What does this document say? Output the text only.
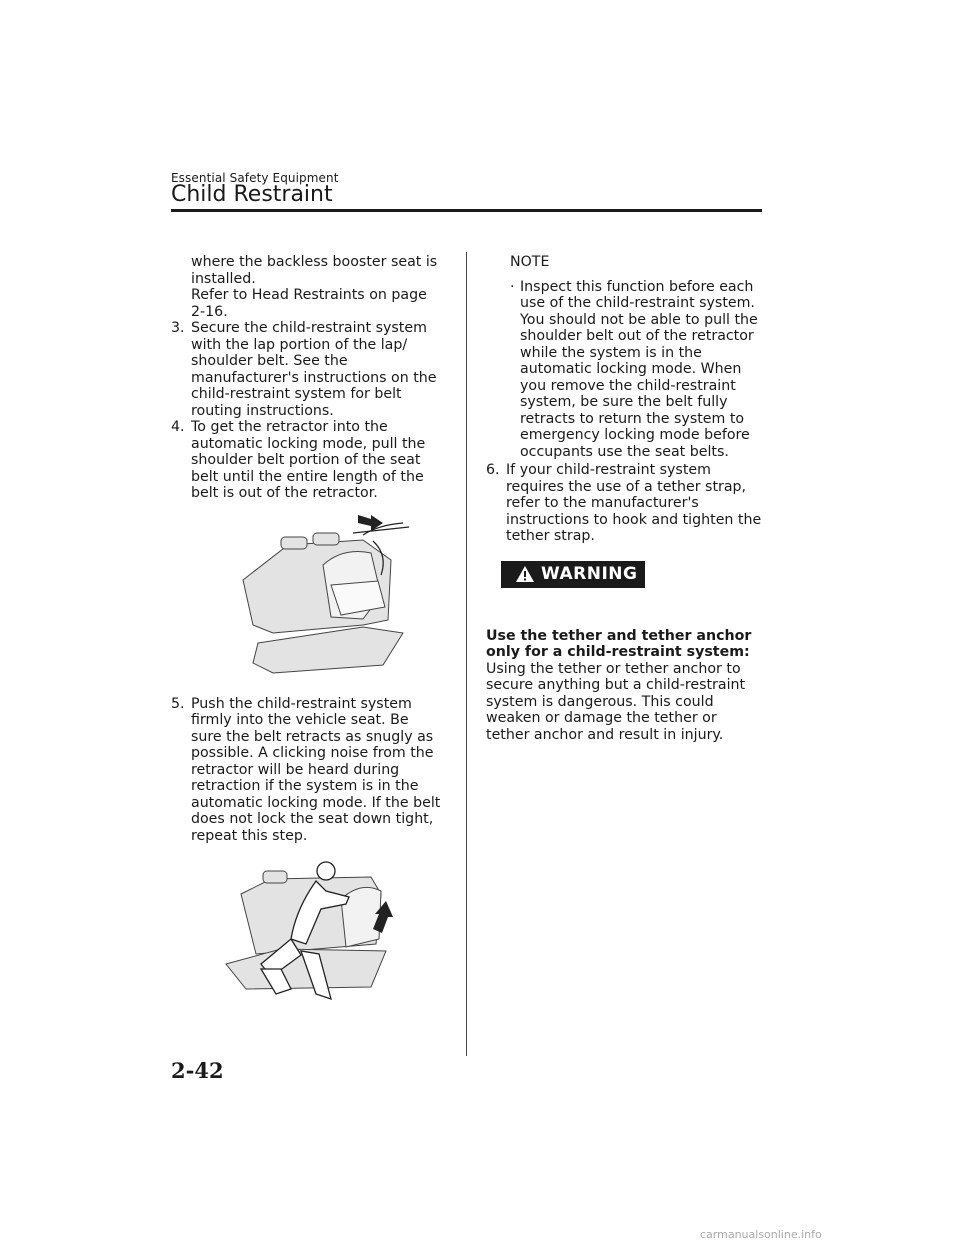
Essential Safety Equipment
Child Restraint

where the backless booster seat is

installed.

Refer to Head Restraints on page

2-16.

3. Secure the child-restraint system with the lap portion of the lap/ shoulder belt. See the manufacturer's instructions on the child-restraint system for belt routing instructions.
4. To get the retractor into the automatic locking mode, pull the shoulder belt portion of the seat belt until the entire length of the belt is out of the retractor.
5. Push the child-restraint system firmly into the vehicle seat. Be sure the belt retracts as snugly as possible. A clicking noise from the retractor will be heard during retraction if the system is in the automatic locking mode. If the belt does not lock the seat down tight, repeat this step.

NOTE

· Inspect this function before each use of the child-restraint system. You should not be able to pull the shoulder belt out of the retractor while the system is in the automatic locking mode. When you remove the child-restraint system, be sure the belt fully retracts to return the system to emergency locking mode before occupants use the seat belts.
6. If your child-restraint system requires the use of a tether strap, refer to the manufacturer's instructions to hook and tighten the tether strap.
WARNING

Use the tether and tether anchor only for a child-restraint system:

Using the tether or tether anchor to secure anything but a child-restraint system is dangerous. This could weaken or damage the tether or tether anchor and result in injury.

2-42
carmanualsonline.info
